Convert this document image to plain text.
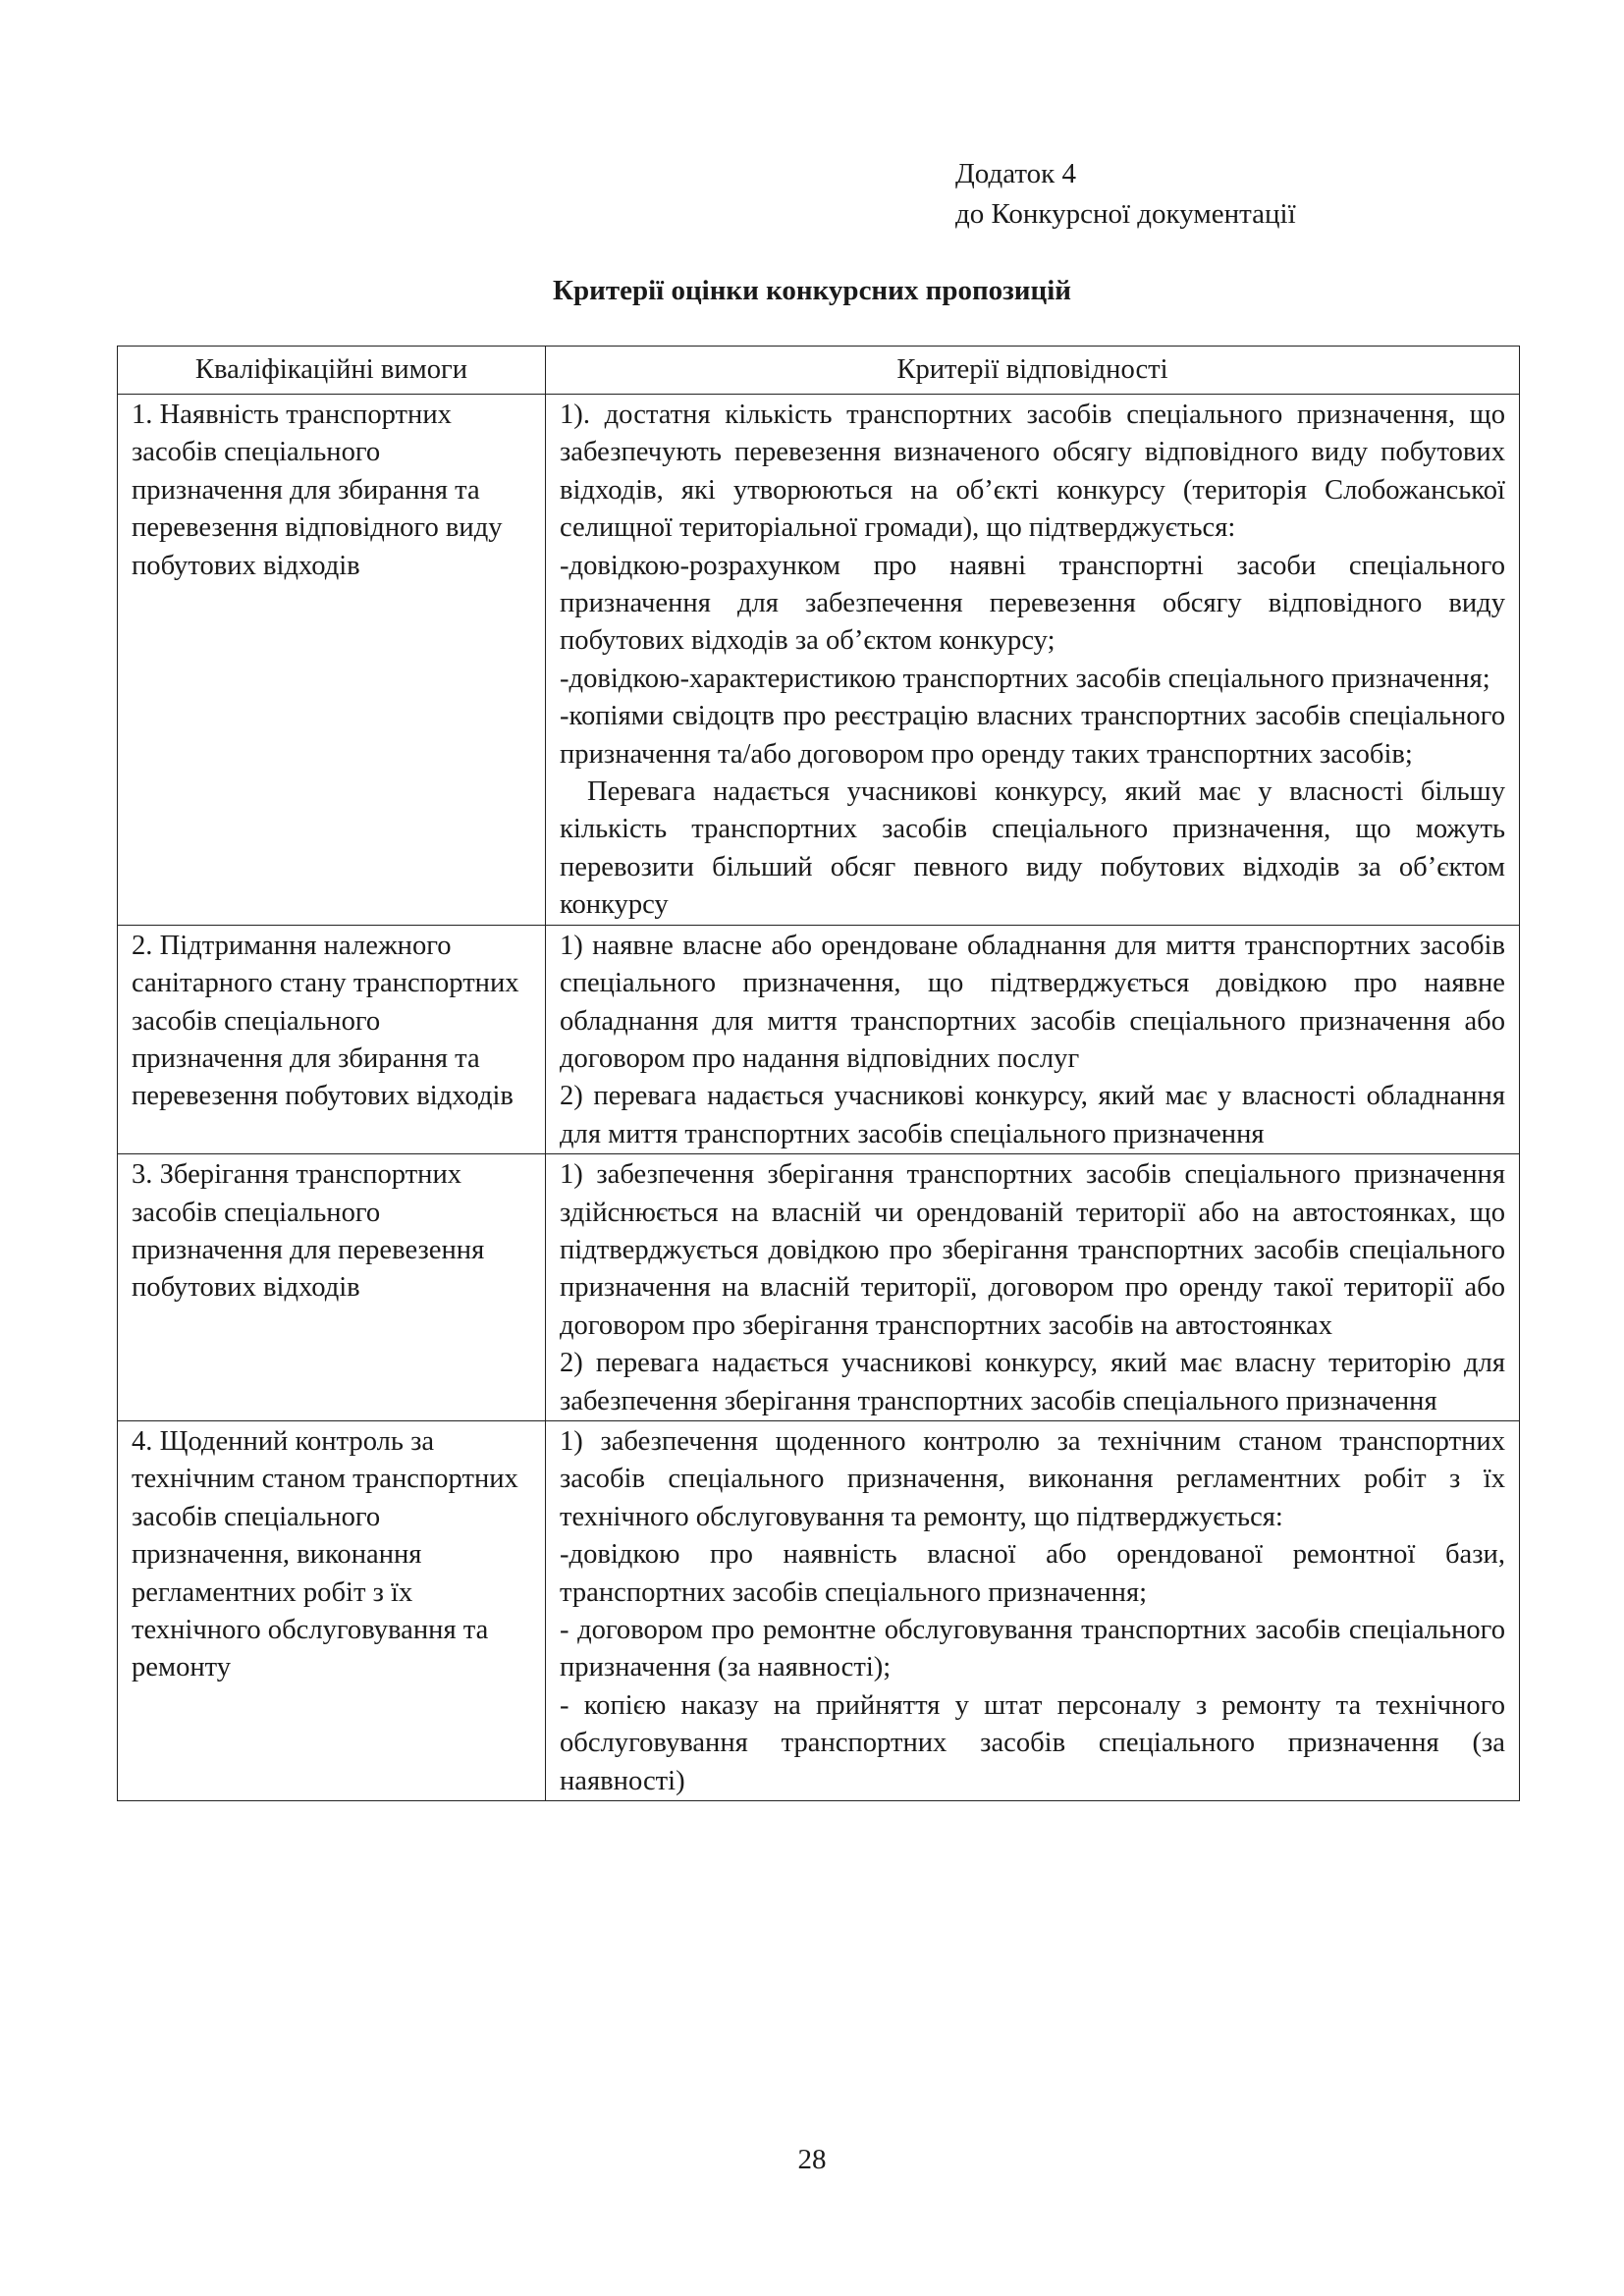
Додаток 4
до Конкурсної документації
Критерії оцінки конкурсних пропозицій
Кваліфікаційні вимоги	Критерії відповідності
1. Наявність транспортних засобів спеціального призначення для збирання та перевезення відповідного виду побутових відходів	1). достатня кількість транспортних засобів спеціального призначення, що забезпечують перевезення визначеного обсягу відповідного виду побутових відходів, які утворюються на об’єкті конкурсу (територія Слобожанської селищної територіальної громади), що підтверджується:
-довідкою-розрахунком про наявні транспортні засоби спеціального призначення для забезпечення перевезення обсягу відповідного виду побутових відходів за об’єктом конкурсу;
-довідкою-характеристикою транспортних засобів спеціального призначення;
-копіями свідоцтв про реєстрацію власних транспортних засобів спеціального призначення та/або договором про оренду таких транспортних засобів;
Перевага надається учасникові конкурсу, який має у власності більшу кількість транспортних засобів спеціального призначення, що можуть перевозити більший обсяг певного виду побутових відходів за об’єктом конкурсу

2. Підтримання належного санітарного стану транспортних засобів спеціального призначення для збирання та перевезення побутових відходів	1) наявне власне або орендоване обладнання для миття транспортних засобів спеціального призначення, що підтверджується довідкою про наявне обладнання для миття транспортних засобів спеціального призначення або договором про надання відповідних послуг
2) перевага надається учасникові конкурсу, який має у власності обладнання для миття транспортних засобів спеціального призначення

3. Зберігання транспортних засобів спеціального призначення для перевезення побутових відходів	1) забезпечення зберігання транспортних засобів спеціального призначення здійснюється на власній чи орендованій території або на автостоянках, що підтверджується довідкою про зберігання транспортних засобів спеціального призначення на власній території, договором про оренду такої території або договором про зберігання транспортних засобів на автостоянках
2) перевага надається учасникові конкурсу, який має власну територію для забезпечення зберігання транспортних засобів спеціального призначення

4. Щоденний контроль за технічним станом транспортних засобів спеціального призначення, виконання регламентних робіт з їх технічного обслуговування та ремонту	1) забезпечення щоденного контролю за технічним станом транспортних засобів спеціального призначення, виконання регламентних робіт з їх технічного обслуговування та ремонту, що підтверджується:
-довідкою про наявність власної або орендованої ремонтної бази, транспортних засобів спеціального призначення;
- договором про ремонтне обслуговування транспортних засобів спеціального призначення (за наявності);
- копією наказу на прийняття у штат персоналу з ремонту та технічного обслуговування транспортних засобів спеціального призначення (за наявності)
28
